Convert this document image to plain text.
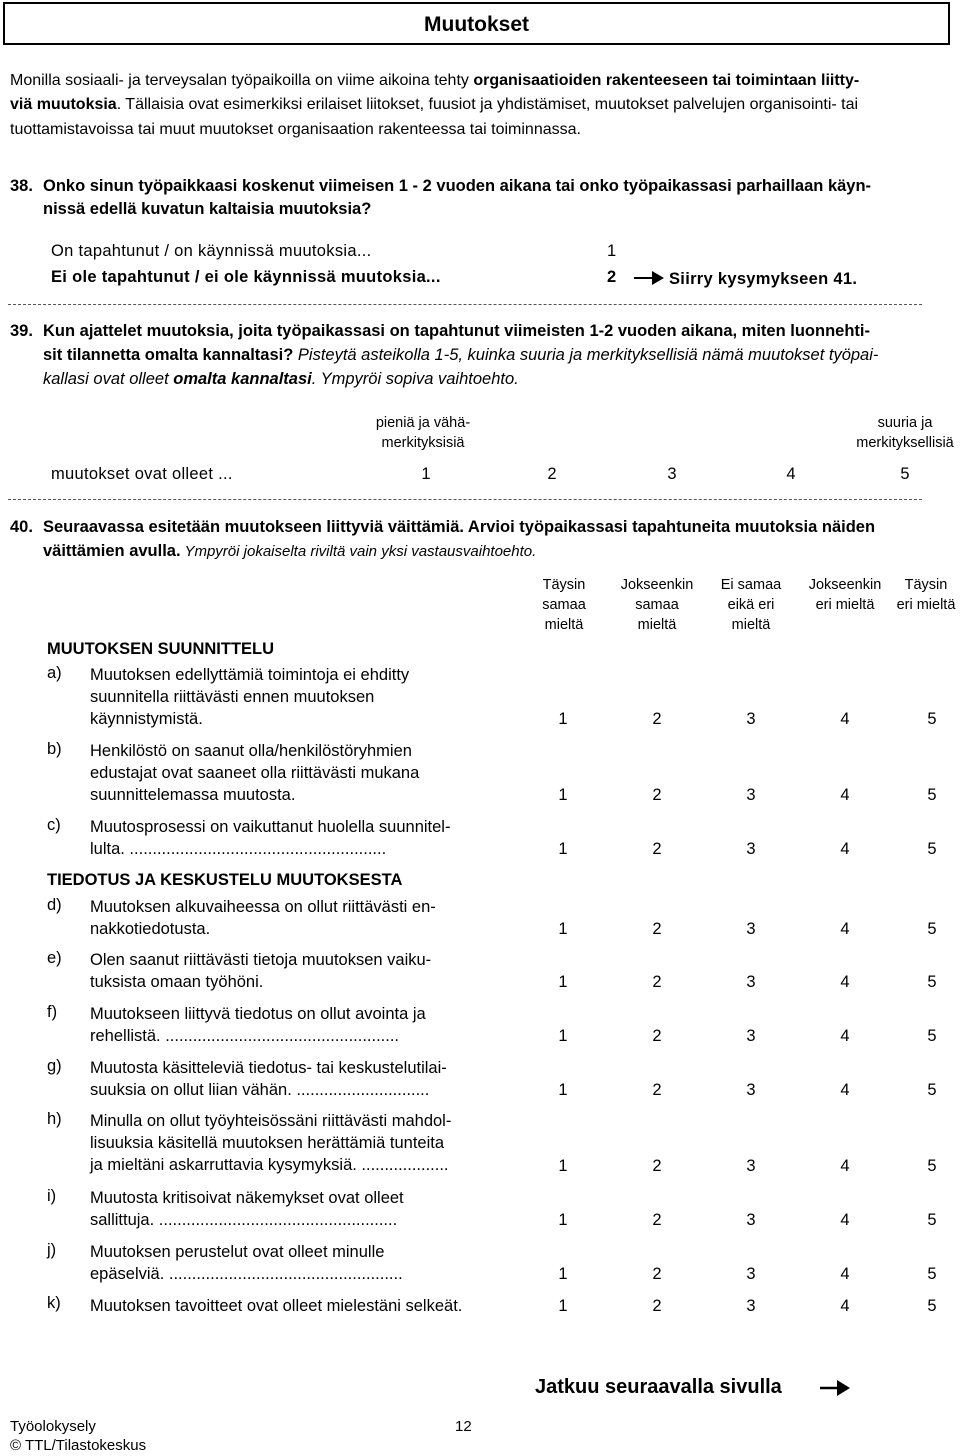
Muutokset
Monilla sosiaali- ja terveysalan työpaikoilla on viime aikoina tehty organisaatioiden rakenteeseen tai toimintaan liitty-
viä muutoksia. Tällaisia ovat esimerkiksi erilaiset liitokset, fuusiot ja yhdistämiset, muutokset palvelujen organisointi- tai
tuottamistavoissa tai muut muutokset organisaation rakenteessa tai toiminnassa.
38. Onko sinun työpaikkaasi koskenut viimeisen 1 - 2 vuoden aikana tai onko työpaikassasi parhaillaan käyn-
nissä edellä kuvatun kaltaisia muutoksia?
On tapahtunut / on käynnissä muutoksia...	1
Ei ole tapahtunut / ei ole käynnissä muutoksia...	2	Siirry kysymykseen 41.
39. Kun ajattelet muutoksia, joita työpaikassasi on tapahtunut viimeisten 1-2 vuoden aikana, miten luonnehti-
sit tilannetta omalta kannaltasi? Pisteytä asteikolla 1-5, kuinka suuria ja merkityksellisiä nämä muutokset työpai-
kallasi ovat olleet omalta kannaltasi. Ympyröi sopiva vaihtoehto.
pieniä ja vähä-
merkityksisiä
suuria ja
merkityksellisiä
muutokset ovat olleet ...	1	2	3	4	5
40. Seuraavassa esitetään muutokseen liittyviä väittämiä. Arvioi työpaikassasi tapahtuneita muutoksia näiden
väittämien avulla. Ympyröi jokaiselta riviltä vain yksi vastausvaihtoehto.
Täysin
samaa
mieltä
Jokseenkin
samaa
mieltä
Ei samaa
eikä eri
mieltä
Jokseenkin
eri mieltä
Täysin
eri mieltä
MUUTOKSEN SUUNNITTELU
a) Muutoksen edellyttämiä toimintoja ei ehditty
suunnitella riittävästi ennen muutoksen
käynnistymistä.	1	2	3	4	5
b) Henkilöstö on saanut olla/henkilöstöryhmien
edustajat ovat saaneet olla riittävästi mukana
suunnittelemassa muutosta.	1	2	3	4	5
c) Muutosprosessi on vaikuttanut huolella suunnitel-
lulta. ........................................................	1	2	3	4	5
TIEDOTUS JA KESKUSTELU MUUTOKSESTA
d) Muutoksen alkuvaiheessa on ollut riittävästi en-
nakkotiedotusta.	1	2	3	4	5
e) Olen saanut riittävästi tietoja muutoksen vaiku-
tuksista omaan työhöni.	1	2	3	4	5
f) Muutokseen liittyvä tiedotus on ollut avointa ja
rehellistä. ...................................................	1	2	3	4	5
g) Muutosta käsitteleviä tiedotus- tai keskustelutilai-
suuksia on ollut liian vähän. .............................	1	2	3	4	5
h) Minulla on ollut työyhteisössäni riittävästi mahdol-
lisuuksia käsitellä muutoksen herättämiä tunteita
ja mieltäni askarruttavia kysymyksiä. ...................	1	2	3	4	5
i) Muutosta kritisoivat näkemykset ovat olleet
sallittuja. ....................................................	1	2	3	4	5
j) Muutoksen perustelut ovat olleet minulle
epäselviä. ...................................................	1	2	3	4	5
k) Muutoksen tavoitteet ovat olleet mielestäni selkeät.	1	2	3	4	5
Jatkuu seuraavalla sivulla
Työolokysely
© TTL/Tilastokeskus
12
